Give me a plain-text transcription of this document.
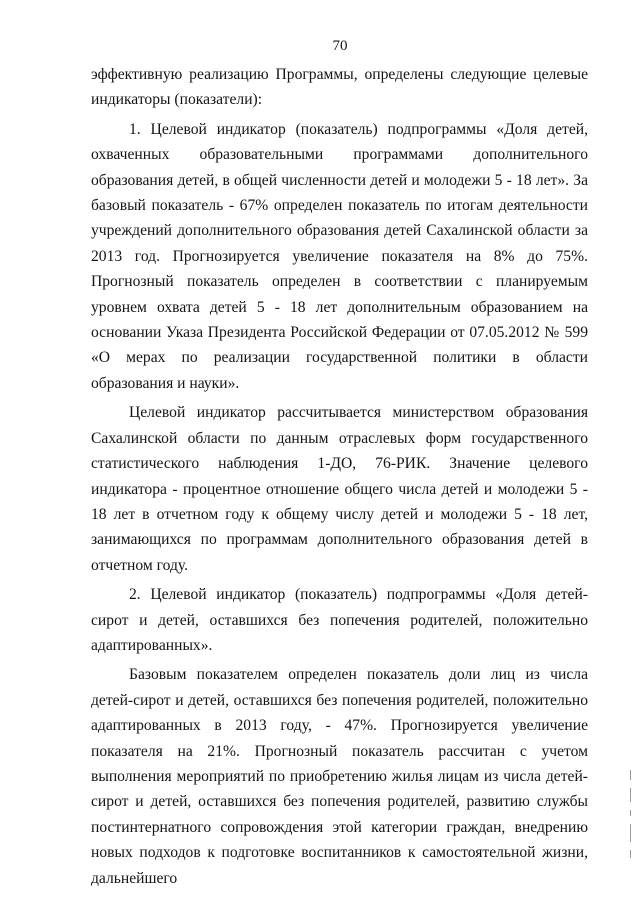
70

эффективную реализацию Программы, определены следующие целевые индикаторы (показатели):

1. Целевой индикатор (показатель) подпрограммы «Доля детей, охваченных образовательными программами дополнительного образования детей, в общей численности детей и молодежи 5 - 18 лет». За базовый показатель - 67% определен показатель по итогам деятельности учреждений дополнительного образования детей Сахалинской области за 2013 год. Прогнозируется увеличение показателя на 8% до 75%. Прогнозный показатель определен в соответствии с планируемым уровнем охвата детей 5 - 18 лет дополнительным образованием на основании Указа Президента Российской Федерации от 07.05.2012 № 599 «О мерах по реализации государственной политики в области образования и науки».

Целевой индикатор рассчитывается министерством образования Сахалинской области по данным отраслевых форм государственного статистического наблюдения 1-ДО, 76-РИК. Значение целевого индикатора - процентное отношение общего числа детей и молодежи 5 - 18 лет в отчетном году к общему числу детей и молодежи 5 - 18 лет, занимающихся по программам дополнительного образования детей в отчетном году.

2. Целевой индикатор (показатель) подпрограммы «Доля детей-сирот и детей, оставшихся без попечения родителей, положительно адаптированных».

Базовым показателем определен показатель доли лиц из числа детей-сирот и детей, оставшихся без попечения родителей, положительно адаптированных в 2013 году, - 47%. Прогнозируется увеличение показателя на 21%. Прогнозный показатель рассчитан с учетом выполнения мероприятий по приобретению жилья лицам из числа детей-сирот и детей, оставшихся без попечения родителей, развитию службы постинтернатного сопровождения этой категории граждан, внедрению новых подходов к подготовке воспитанников к самостоятельной жизни, дальнейшего
